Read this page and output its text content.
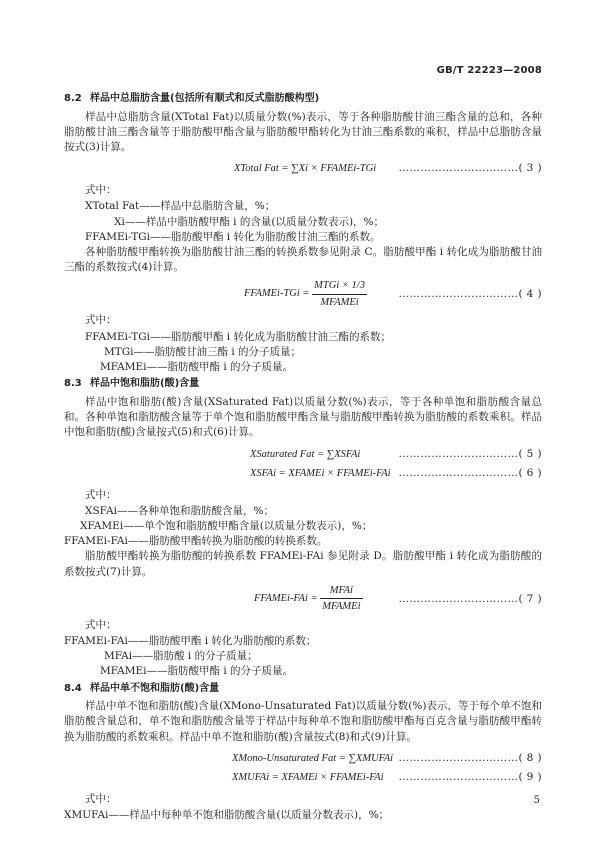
GB/T 22223—2008
8.2 样品中总脂肪含量(包括所有顺式和反式脂肪酸构型)

样品中总脂肪含量(XTotal Fat)以质量分数(%)表示，等于各种脂肪酸甘油三酯含量的总和，各种脂肪酸甘油三酯含量等于脂肪酸甲酯含量与脂肪酸甲酯转化为甘油三酯系数的乘积，样品中总脂肪含量按式(3)计算。

XTotal Fat = ∑Xi × FFAMEi-TGi ……………………………( 3 )
式中：
XTotal Fat——样品中总脂肪含量，%；
Xi——样品中脂肪酸甲酯 i 的含量(以质量分数表示)，%；
FFAMEi-TGi——脂肪酸甲酯 i 转化为脂肪酸甘油三酯的系数。

各种脂肪酸甲酯转换为脂肪酸甘油三酯的转换系数参见附录 C。脂肪酸甲酯 i 转化成为脂肪酸甘油三酯的系数按式(4)计算。

FFAMEi-TGi = $\frac{\text{MTGi × 1/3}}{\text{MFAMEi}}$	……………………………( 4 )
式中：
FFAMEi-TGi——脂肪酸甲酯 i 转化成为脂肪酸甘油三酯的系数；
MTGi——脂肪酸甘油三酯 i 的分子质量；
MFAMEi——脂肪酸甲酯 i 的分子质量。
8.3 样品中饱和脂肪(酸)含量

样品中饱和脂肪(酸)含量(XSaturated Fat)以质量分数(%)表示，等于各种单饱和脂肪酸含量总和。各种单饱和脂肪酸含量等于单个饱和脂肪酸甲酯含量与脂肪酸甲酯转换为脂肪酸的系数乘积。样品中饱和脂肪(酸)含量按式(5)和式(6)计算。

XSaturated Fat = ∑XSFAi	……………………………( 5 )
XSFAi = XFAMEi × FFAMEi-FAi ……………………………( 6 )
式中：
XSFAi——各种单饱和脂肪酸含量，%；
XFAMEi——单个饱和脂肪酸甲酯含量(以质量分数表示)，%；
FFAMEi-FAi——脂肪酸甲酯转换为脂肪酸的转换系数。

脂肪酸甲酯转换为脂肪酸的转换系数 FFAMEi-FAi 参见附录 D。脂肪酸甲酯 i 转化成为脂肪酸的系数按式(7)计算。

FFAMEi-FAi = $\frac{\text{MFAi}}{\text{MFAMEi}}$	……………………………( 7 )
式中：
FFAMEi-FAi——脂肪酸甲酯 i 转化为脂肪酸的系数；
MFAi——脂肪酸 i 的分子质量；
MFAMEi——脂肪酸甲酯 i 的分子质量。
8.4 样品中单不饱和脂肪(酸)含量

样品中单不饱和脂肪(酸)含量(XMono-Unsaturated Fat)以质量分数(%)表示，等于每个单不饱和脂肪酸含量总和，单不饱和脂肪酸含量等于样品中每种单不饱和脂肪酸甲酯每百克含量与脂肪酸甲酯转换为脂肪酸的系数乘积。样品中单不饱和脂肪(酸)含量按式(8)和式(9)计算。

XMono-Unsaturated Fat = ∑XMUFAi ……………………………( 8 )
XMUFAi = XFAMEi × FFAMEi-FAi ……………………………( 9 )
式中：
XMUFAi——样品中每种单不饱和脂肪酸含量(以质量分数表示)，%；
5
